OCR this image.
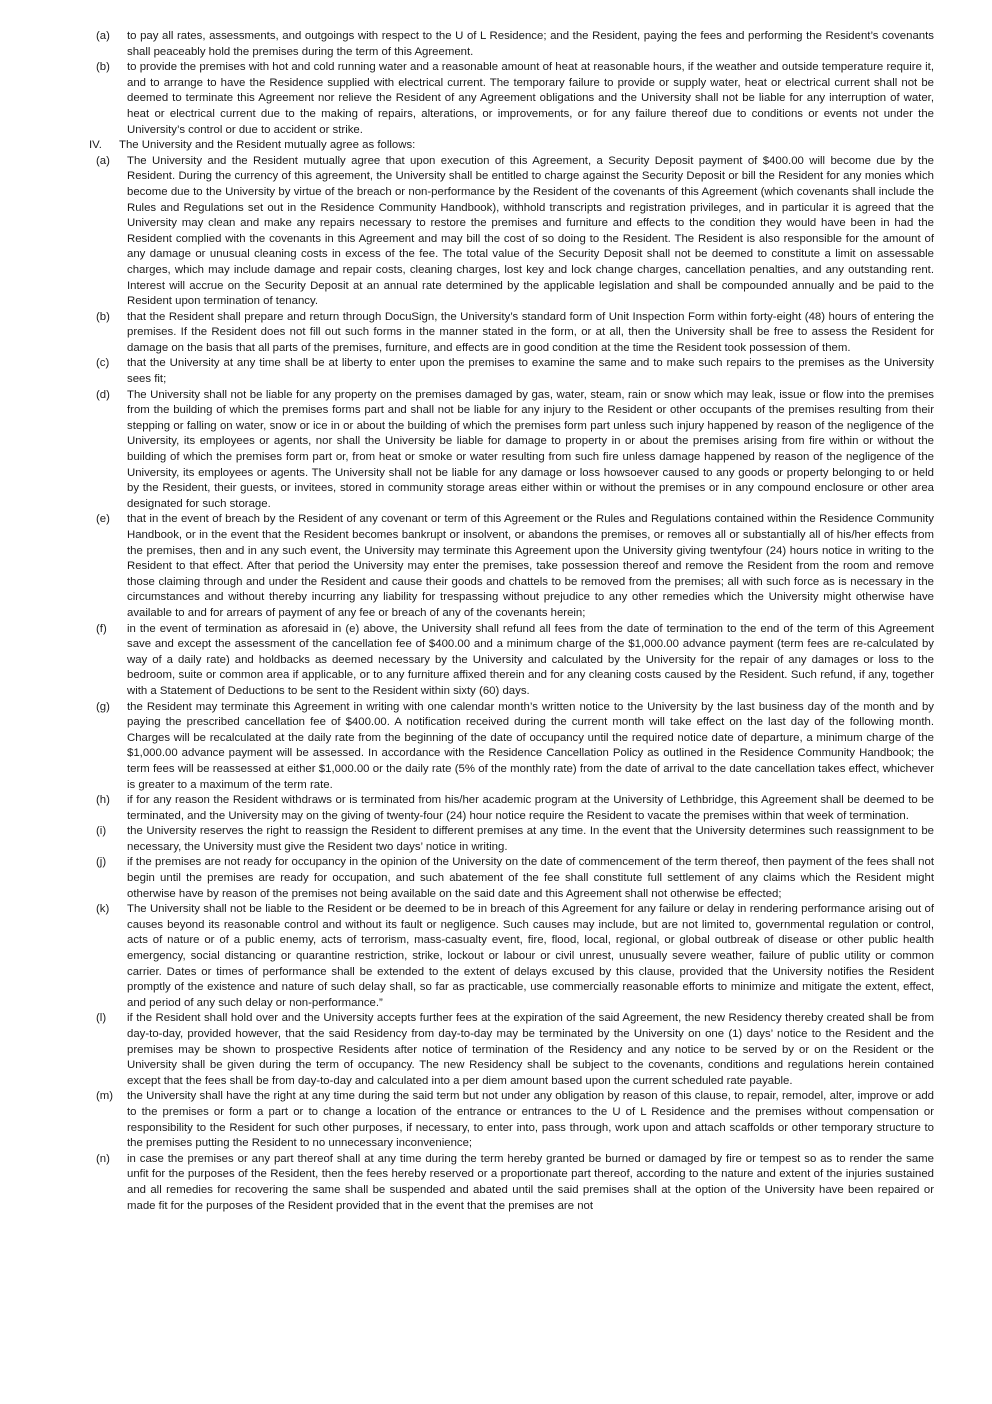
(a) to pay all rates, assessments, and outgoings with respect to the U of L Residence; and the Resident, paying the fees and performing the Resident’s covenants shall peaceably hold the premises during the term of this Agreement.
(b) to provide the premises with hot and cold running water and a reasonable amount of heat at reasonable hours, if the weather and outside temperature require it, and to arrange to have the Residence supplied with electrical current. The temporary failure to provide or supply water, heat or electrical current shall not be deemed to terminate this Agreement nor relieve the Resident of any Agreement obligations and the University shall not be liable for any interruption of water, heat or electrical current due to the making of repairs, alterations, or improvements, or for any failure thereof due to conditions or events not under the University’s control or due to accident or strike.
IV. The University and the Resident mutually agree as follows:
(a) The University and the Resident mutually agree that upon execution of this Agreement, a Security Deposit payment of $400.00 will become due by the Resident. During the currency of this agreement, the University shall be entitled to charge against the Security Deposit or bill the Resident for any monies which become due to the University by virtue of the breach or non-performance by the Resident of the covenants of this Agreement (which covenants shall include the Rules and Regulations set out in the Residence Community Handbook), withhold transcripts and registration privileges, and in particular it is agreed that the University may clean and make any repairs necessary to restore the premises and furniture and effects to the condition they would have been in had the Resident complied with the covenants in this Agreement and may bill the cost of so doing to the Resident. The Resident is also responsible for the amount of any damage or unusual cleaning costs in excess of the fee. The total value of the Security Deposit shall not be deemed to constitute a limit on assessable charges, which may include damage and repair costs, cleaning charges, lost key and lock change charges, cancellation penalties, and any outstanding rent. Interest will accrue on the Security Deposit at an annual rate determined by the applicable legislation and shall be compounded annually and be paid to the Resident upon termination of tenancy.
(b) that the Resident shall prepare and return through DocuSign, the University’s standard form of Unit Inspection Form within forty-eight (48) hours of entering the premises. If the Resident does not fill out such forms in the manner stated in the form, or at all, then the University shall be free to assess the Resident for damage on the basis that all parts of the premises, furniture, and effects are in good condition at the time the Resident took possession of them.
(c) that the University at any time shall be at liberty to enter upon the premises to examine the same and to make such repairs to the premises as the University sees fit;
(d) The University shall not be liable for any property on the premises damaged by gas, water, steam, rain or snow which may leak, issue or flow into the premises from the building of which the premises forms part and shall not be liable for any injury to the Resident or other occupants of the premises resulting from their stepping or falling on water, snow or ice in or about the building of which the premises form part unless such injury happened by reason of the negligence of the University, its employees or agents, nor shall the University be liable for damage to property in or about the premises arising from fire within or without the building of which the premises form part or, from heat or smoke or water resulting from such fire unless damage happened by reason of the negligence of the University, its employees or agents. The University shall not be liable for any damage or loss howsoever caused to any goods or property belonging to or held by the Resident, their guests, or invitees, stored in community storage areas either within or without the premises or in any compound enclosure or other area designated for such storage.
(e) that in the event of breach by the Resident of any covenant or term of this Agreement or the Rules and Regulations contained within the Residence Community Handbook, or in the event that the Resident becomes bankrupt or insolvent, or abandons the premises, or removes all or substantially all of his/her effects from the premises, then and in any such event, the University may terminate this Agreement upon the University giving twentyfour (24) hours notice in writing to the Resident to that effect. After that period the University may enter the premises, take possession thereof and remove the Resident from the room and remove those claiming through and under the Resident and cause their goods and chattels to be removed from the premises; all with such force as is necessary in the circumstances and without thereby incurring any liability for trespassing without prejudice to any other remedies which the University might otherwise have available to and for arrears of payment of any fee or breach of any of the covenants herein;
(f) in the event of termination as aforesaid in (e) above, the University shall refund all fees from the date of termination to the end of the term of this Agreement save and except the assessment of the cancellation fee of $400.00 and a minimum charge of the $1,000.00 advance payment (term fees are re-calculated by way of a daily rate) and holdbacks as deemed necessary by the University and calculated by the University for the repair of any damages or loss to the bedroom, suite or common area if applicable, or to any furniture affixed therein and for any cleaning costs caused by the Resident. Such refund, if any, together with a Statement of Deductions to be sent to the Resident within sixty (60) days.
(g) the Resident may terminate this Agreement in writing with one calendar month’s written notice to the University by the last business day of the month and by paying the prescribed cancellation fee of $400.00. A notification received during the current month will take effect on the last day of the following month. Charges will be recalculated at the daily rate from the beginning of the date of occupancy until the required notice date of departure, a minimum charge of the $1,000.00 advance payment will be assessed. In accordance with the Residence Cancellation Policy as outlined in the Residence Community Handbook; the term fees will be reassessed at either $1,000.00 or the daily rate (5% of the monthly rate) from the date of arrival to the date cancellation takes effect, whichever is greater to a maximum of the term rate.
(h) if for any reason the Resident withdraws or is terminated from his/her academic program at the University of Lethbridge, this Agreement shall be deemed to be terminated, and the University may on the giving of twenty-four (24) hour notice require the Resident to vacate the premises within that week of termination.
(i) the University reserves the right to reassign the Resident to different premises at any time. In the event that the University determines such reassignment to be necessary, the University must give the Resident two days’ notice in writing.
(j) if the premises are not ready for occupancy in the opinion of the University on the date of commencement of the term thereof, then payment of the fees shall not begin until the premises are ready for occupation, and such abatement of the fee shall constitute full settlement of any claims which the Resident might otherwise have by reason of the premises not being available on the said date and this Agreement shall not otherwise be effected;
(k) The University shall not be liable to the Resident or be deemed to be in breach of this Agreement for any failure or delay in rendering performance arising out of causes beyond its reasonable control and without its fault or negligence. Such causes may include, but are not limited to, governmental regulation or control, acts of nature or of a public enemy, acts of terrorism, mass-casualty event, fire, flood, local, regional, or global outbreak of disease or other public health emergency, social distancing or quarantine restriction, strike, lockout or labour or civil unrest, unusually severe weather, failure of public utility or common carrier. Dates or times of performance shall be extended to the extent of delays excused by this clause, provided that the University notifies the Resident promptly of the existence and nature of such delay shall, so far as practicable, use commercially reasonable efforts to minimize and mitigate the extent, effect, and period of any such delay or non-performance.”
(l) if the Resident shall hold over and the University accepts further fees at the expiration of the said Agreement, the new Residency thereby created shall be from day-to-day, provided however, that the said Residency from day-to-day may be terminated by the University on one (1) days’ notice to the Resident and the premises may be shown to prospective Residents after notice of termination of the Residency and any notice to be served by or on the Resident or the University shall be given during the term of occupancy. The new Residency shall be subject to the covenants, conditions and regulations herein contained except that the fees shall be from day-to-day and calculated into a per diem amount based upon the current scheduled rate payable.
(m) the University shall have the right at any time during the said term but not under any obligation by reason of this clause, to repair, remodel, alter, improve or add to the premises or form a part or to change a location of the entrance or entrances to the U of L Residence and the premises without compensation or responsibility to the Resident for such other purposes, if necessary, to enter into, pass through, work upon and attach scaffolds or other temporary structure to the premises putting the Resident to no unnecessary inconvenience;
(n) in case the premises or any part thereof shall at any time during the term hereby granted be burned or damaged by fire or tempest so as to render the same unfit for the purposes of the Resident, then the fees hereby reserved or a proportionate part thereof, according to the nature and extent of the injuries sustained and all remedies for recovering the same shall be suspended and abated until the said premises shall at the option of the University have been repaired or made fit for the purposes of the Resident provided that in the event that the premises are not
